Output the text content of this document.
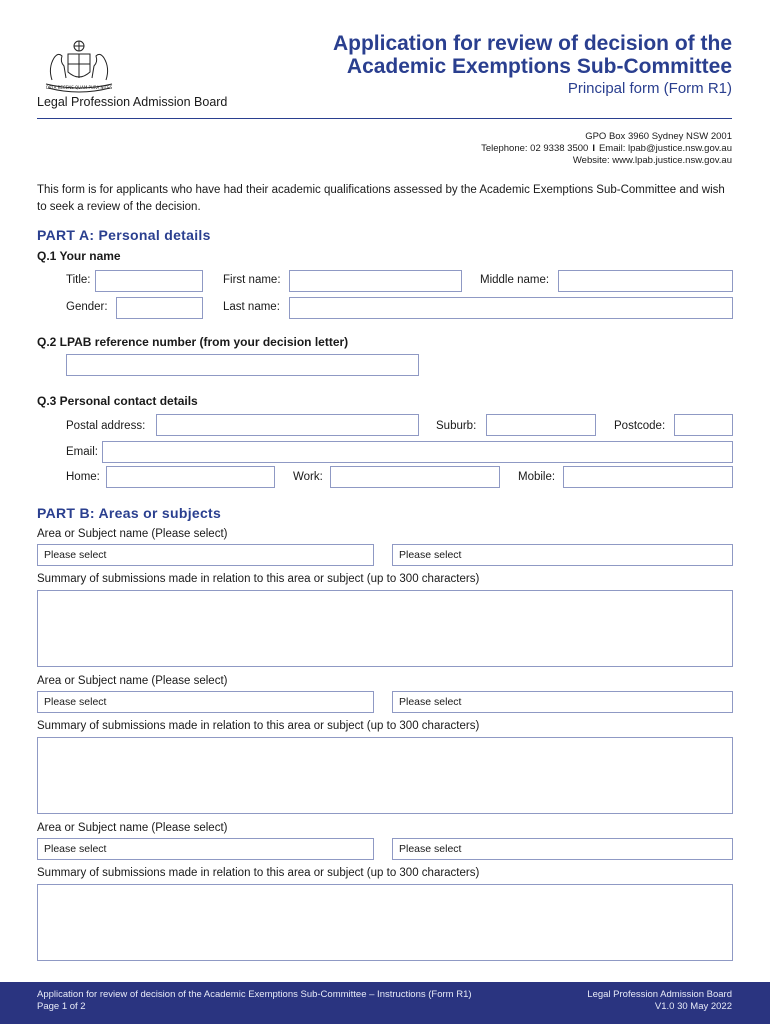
ORTA RECENS QUAM PURA NITES
Application for review of decision of the
Academic Exemptions Sub-Committee
Principal form (Form R1)
Legal Profession Admission Board
GPO Box 3960 Sydney NSW 2001
Telephone: 02 9338 3500 I Email: lpab@justice.nsw.gov.au
Website: www.lpab.justice.nsw.gov.au
This form is for applicants who have had their academic qualifications assessed by the Academic Exemptions Sub-Committee and wish to seek a review of the decision.
PART A: Personal details
Q.1 Your name
Title:	First name:	Middle name:
Gender:	Last name:
Q.2 LPAB reference number (from your decision letter)
Q.3 Personal contact details
Postal address:	Suburb:	Postcode:
Email:
Home:	Work:	Mobile:
PART B: Areas or subjects
Area or Subject name (Please select)
Please select	Please select
Summary of submissions made in relation to this area or subject (up to 300 characters)
Area or Subject name (Please select)
Please select	Please select
Summary of submissions made in relation to this area or subject (up to 300 characters)
Area or Subject name (Please select)
Please select	Please select
Summary of submissions made in relation to this area or subject (up to 300 characters)
Application for review of decision of the Academic Exemptions Sub-Committee – Instructions (Form R1)
Page 1 of 2
Legal Profession Admission Board
V1.0 30 May 2022
